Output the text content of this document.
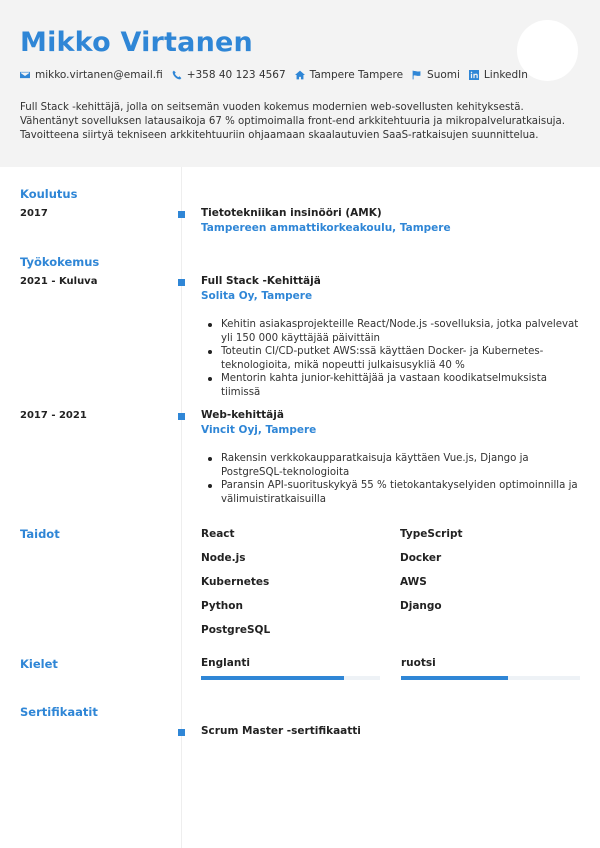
Mikko Virtanen
mikko.virtanen@email.fi +358 40 123 4567 Tampere Tampere Suomi LinkedIn
Full Stack -kehittäjä, jolla on seitsemän vuoden kokemus modernien web-sovellusten kehityksestä. Vähentänyt sovelluksen latausaikoja 67 % optimoimalla front-end arkkitehtuuria ja mikropalveluratkaisuja. Tavoitteena siirtyä tekniseen arkkitehtuuriin ohjaamaan skaalautuvien SaaS-ratkaisujen suunnittelua.
Koulutus
2017	Tietotekniikan insinööri (AMK)
Tampereen ammattikorkeakoulu, Tampere
Työkokemus
2021 - Kuluva	Full Stack -Kehittäjä
Solita Oy, Tampere
Kehitin asiakasprojekteille React/Node.js -sovelluksia, jotka palvelevat yli 150 000 käyttäjää päivittäin
Toteutin CI/CD-putket AWS:ssä käyttäen Docker- ja Kubernetes-teknologioita, mikä nopeutti julkaisusykliä 40 %
Mentorin kahta junior-kehittäjää ja vastaan koodikatselmuksista tiimissä
2017 - 2021	Web-kehittäjä
Vincit Oyj, Tampere
Rakensin verkkokaupparatkaisuja käyttäen Vue.js, Django ja PostgreSQL-teknologioita
Paransin API-suorituskykyä 55 % tietokantakyselyiden optimoinnilla ja välimuistiratkaisuilla
Taidot	React	TypeScript
Node.js	Docker
Kubernetes	AWS
Python	Django
PostgreSQL
Kielet	Englanti	ruotsi
Sertifikaatit
Scrum Master -sertifikaatti
